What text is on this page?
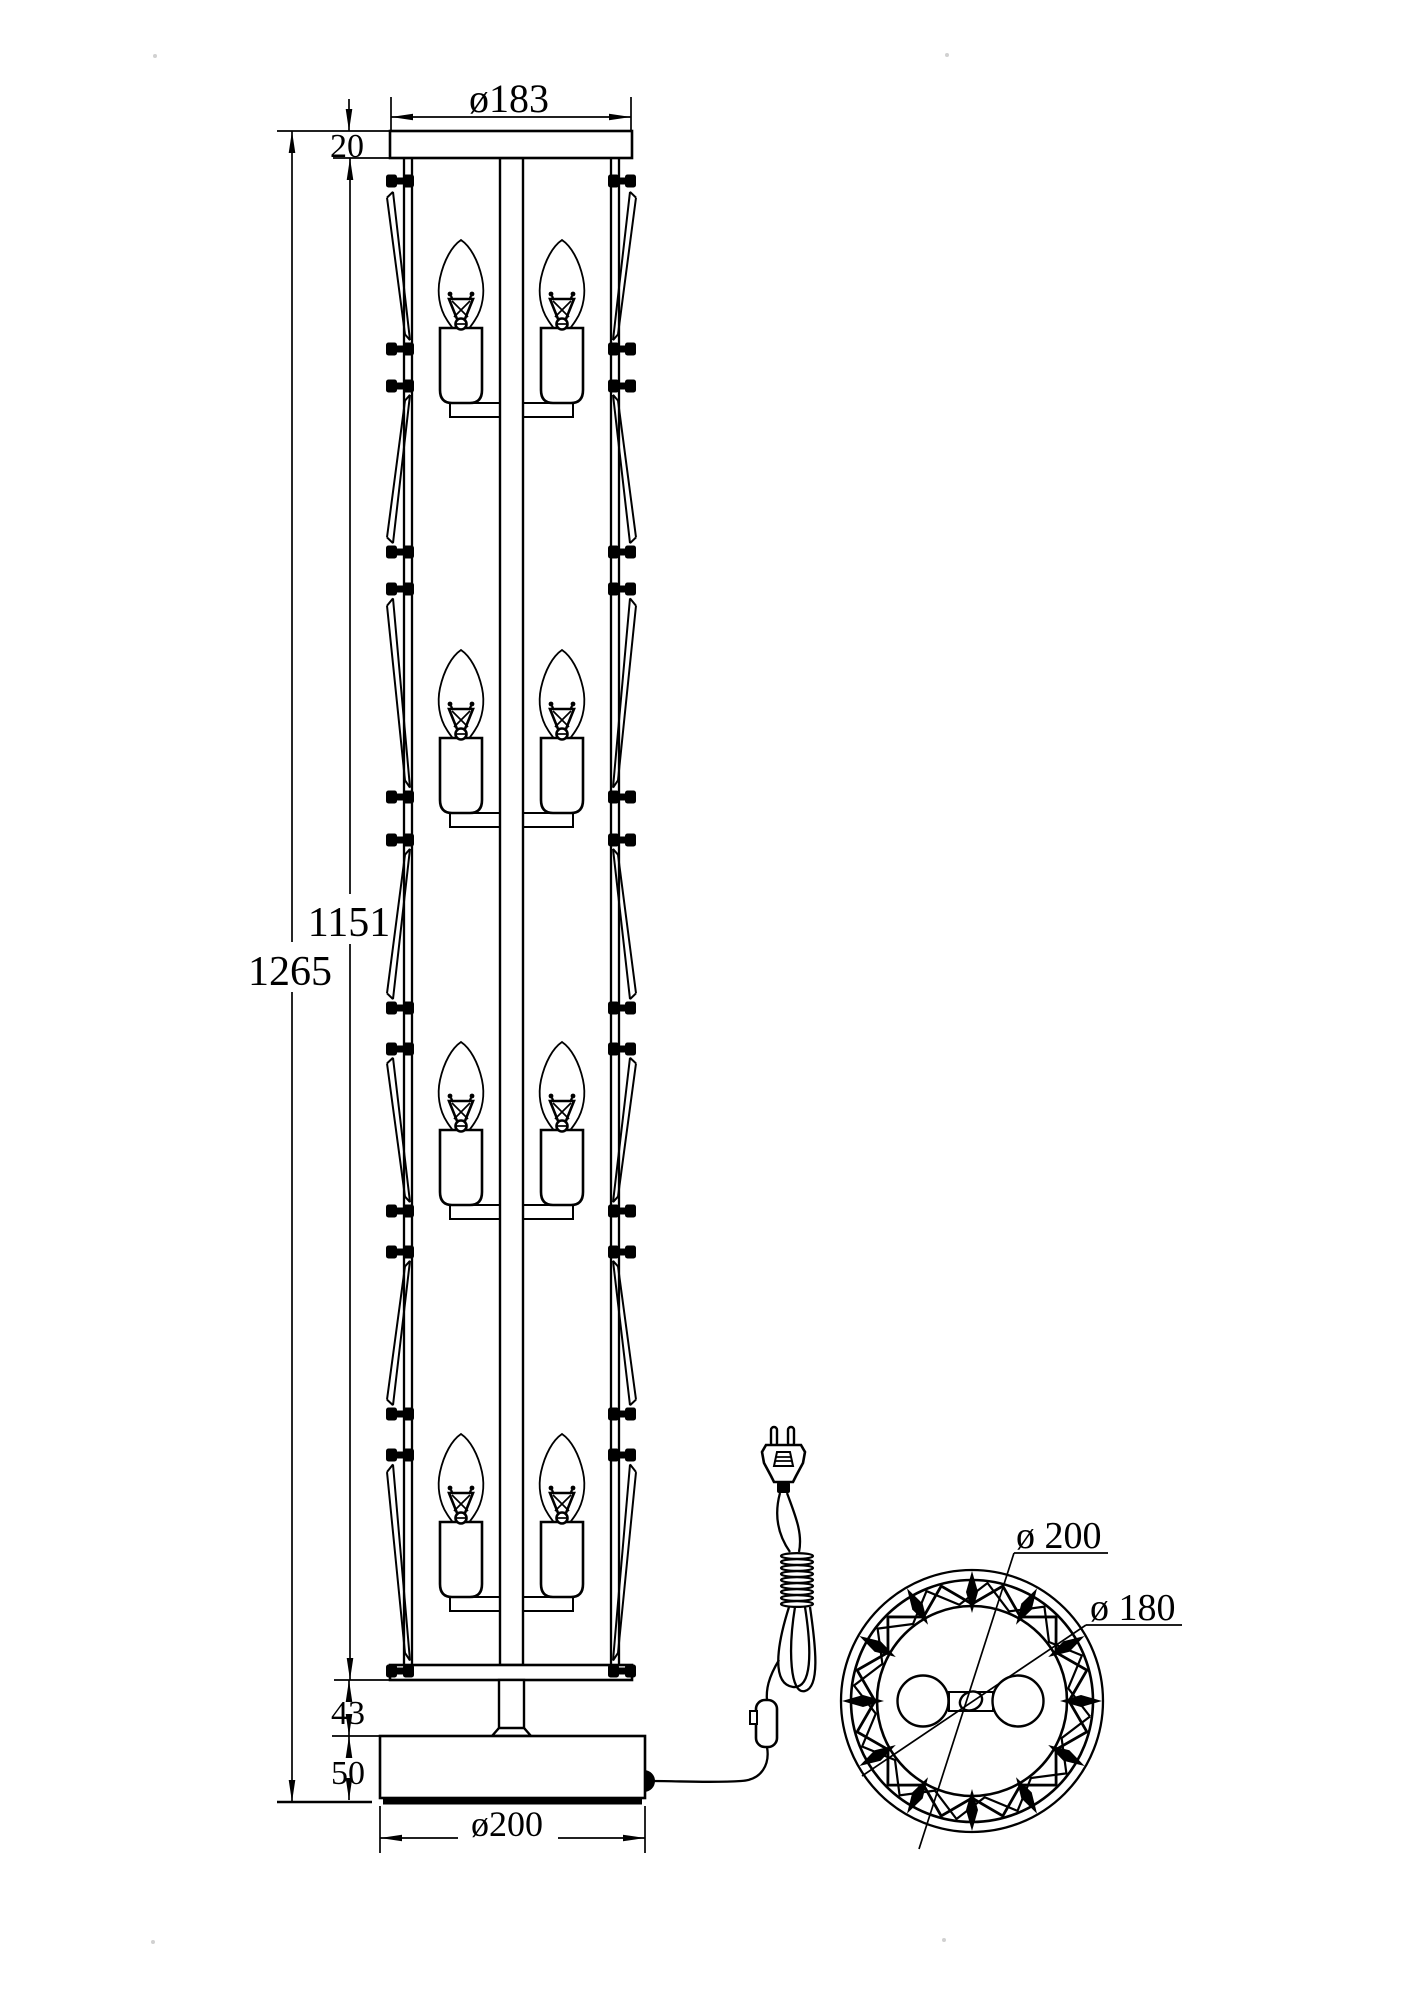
ø183
20
1151
1265
43
50
ø200
ø 200
ø 180
